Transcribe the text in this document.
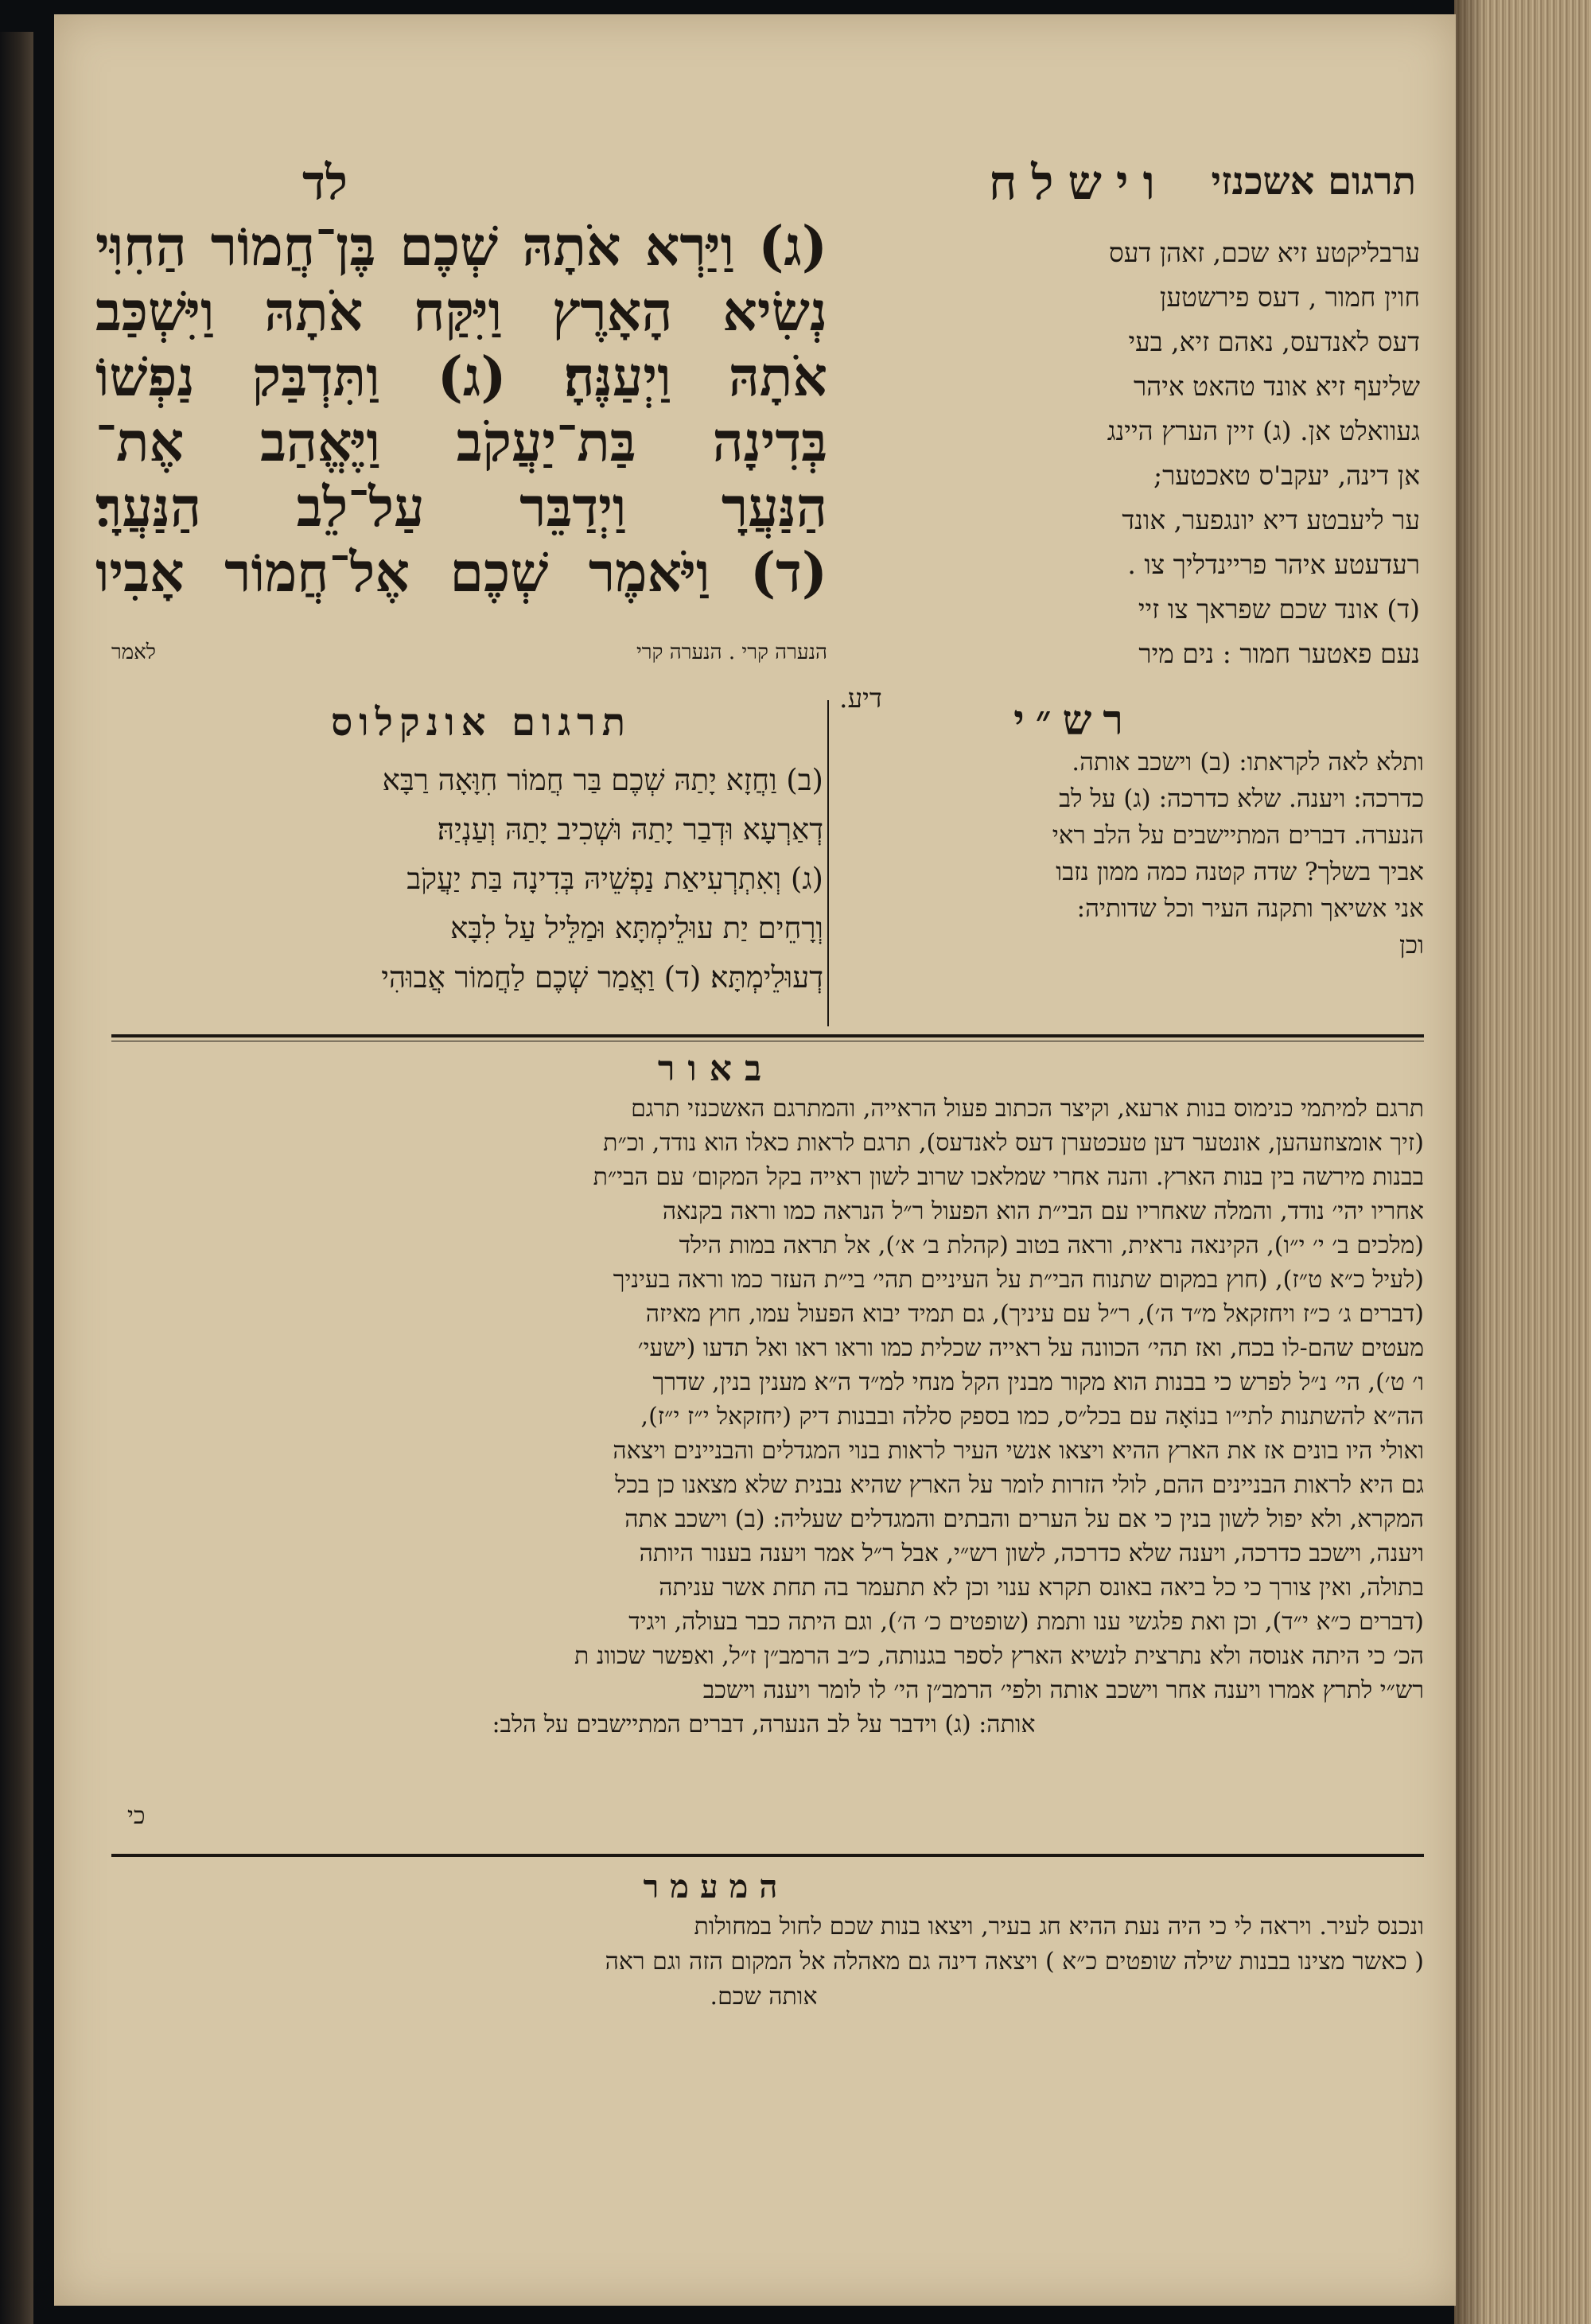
וישלח
לד	תרגום אשכנזי
(ג) וַיַּרְא אֹתָהּ שְׁכֶם בֶּן־חֲמוֹר הַחִוִּי
נְשִׂיא הָאָרֶץ וַיִּקַּח אֹתָהּ וַיִּשְׁכַּב
אֹתָהּ וַיְעַנֶּהָ׃ (ג) וַתִּדְבַּק נַפְשׁוֹ
בְּדִינָה בַּת־יַעֲקֹב וַיֶּאֱהַב אֶת־
הַנַּעֲרָ וַיְדַבֵּר עַל־לֵב הַנַּעֲרָ׃
(ד) וַיֹּאמֶר שְׁכֶם אֶל־חֲמוֹר אָבִיו
הנערה קרי . הנערה קרי
לאמר
ערבליקטע זיא שכם, זאהן דעס
חוין חמור , דעס פירשטען
דעס לאנדעס, נאהם זיא, בעי
שליעף זיא אונד טהאט איהר
געוואלט אן. (ג) זיין הערץ היינג
אן דינה, יעקב'ס טאכטער;
ער ליעבטע דיא יונגפער, אונד
רעדעטע איהר פריינדליך צו .
(ד) אונד שכם שפראך צו זיי
נעם פאטער חמור : נים מיר
דיע.
תרגום אונקלוס
(ב) וַחֲזָא יָתַהּ שְׁכֶם בַּר חֲמוֹר חִוָּאָה רַבָּא
דְאַרְעָא וּדְבַר יָתַהּ וּשְׁכִיב יָתַהּ וְעַנְיַהּ׃
(ג) וְאִתְרְעִיאַת נַפְשֵׁיהּ בְּדִינָה בַּת יַעֲקֹב
וְרָחֵים יַת עוּלֵימְתָּא וּמַלֵּיל עַל לִבָּא
דְעוּלֵימְתָּא׃ (ד) וַאֲמַר שְׁכֶם לַחֲמוֹר אֲבוּהִי
רש״י
ותלא לאה לקראתו: (ב) וישכב אותה.
כדרכה: ויענה. שלא כדרכה: (ג) על לב
הנערה. דברים המתיישבים על הלב ראי
אביך בשלך? שדה קטנה כמה ממון נזבו
אני אשיאך ותקנה העיר וכל שדותיה:
וכן
באור
תרגם למיתמי כנימוס בנות ארעא, וקיצר הכתוב פעול הראייה, והמתרגם האשכנזי תרגם
(זיך אומצוזעהען, אונטער דען טעכטערן דעס לאנדעס), תרגם לראות כאלו הוא נודד, וכ״ת
בבנות מירשה בין בנות הארץ. והנה אחרי שמלאכו שרוב לשון ראייה בקל המקום׳ עם הבי״ת
אחריו יהי׳ נודד, והמלה שאחריו עם הבי״ת הוא הפעול ר״ל הנראה כמו וראה בקנאה
(מלכים ב׳ י׳ י״ו), הקינאה נראית, וראה בטוב (קהלת ב׳ א׳), אל תראה במות הילד
(לעיל כ״א ט״ז), (חוץ במקום שתנוח הבי״ת על העיניים תהי׳ בי״ת העזר כמו וראה בעיניך
(דברים ג׳ כ״ז ויחזקאל מ״ד ה׳), ר״ל עם עיניך), גם תמיד יבוא הפעול עמו, חוץ מאיזה
מעטים שהם-לו בכח, ואז תהי׳ הכוונה על ראייה שכלית כמו וראו ראו ואל תדעו (ישעי׳
ו׳ ט׳), הי׳ נ״ל לפרש כי בבנות הוא מקור מבנין הקל מנחי למ״ד ה״א מענין בנין, שדרך
הה״א להשתנות לתי״ו בנוֹאָה עם בכל״ס, כמו בספק סללה ובבנות דיק (יחזקאל י״ז י״ז),
ואולי היו בונים אז את הארץ ההיא ויצאו אנשי העיר לראות בנוי המגדלים והבניינים ויצאה
גם היא לראות הבניינים ההם, לולי הזרות לומר על הארץ שהיא נבנית שלא מצאנו כן בכל
המקרא, ולא יפול לשון בנין כי אם על הערים והבתים והמגדלים שעליה: (ב) וישכב אתה
ויענה, וישכב כדרכה, ויענה שלא כדרכה, לשון רש״י, אבל ר״ל אמר ויענה בענור היותה
בתולה, ואין צורך כי כל ביאה באונס תקרא ענוי וכן לא תתעמר בה תחת אשר עניתה
(דברים כ״א י״ד), וכן ואת פלגשי ענו ותמת (שופטים כ׳ ה׳), וגם היתה כבר בעולה, ויגיד
הכ׳ כי היתה אנוסה ולא נתרצית לנשיא הארץ לספר בגנותה, כ״ב הרמב״ן ז״ל, ואפשר שכוונ ת
רש״י לתרץ אמרו ויענה אחר וישכב אותה ולפי׳ הרמב״ן הי׳ לו לומר ויענה וישכב
אותה: (ג) וידבר על לב הנערה, דברים המתיישבים על הלב:
כי
המעמר
ונכנס לעיר. ויראה לי כי היה נעת ההיא חג בעיר, ויצאו בנות שכם לחול במחולות
( כאשר מצינו בבנות שילה שופטים כ״א ) ויצאה דינה גם מאהלה אל המקום הזה וגם ראה
אותה שכם.
